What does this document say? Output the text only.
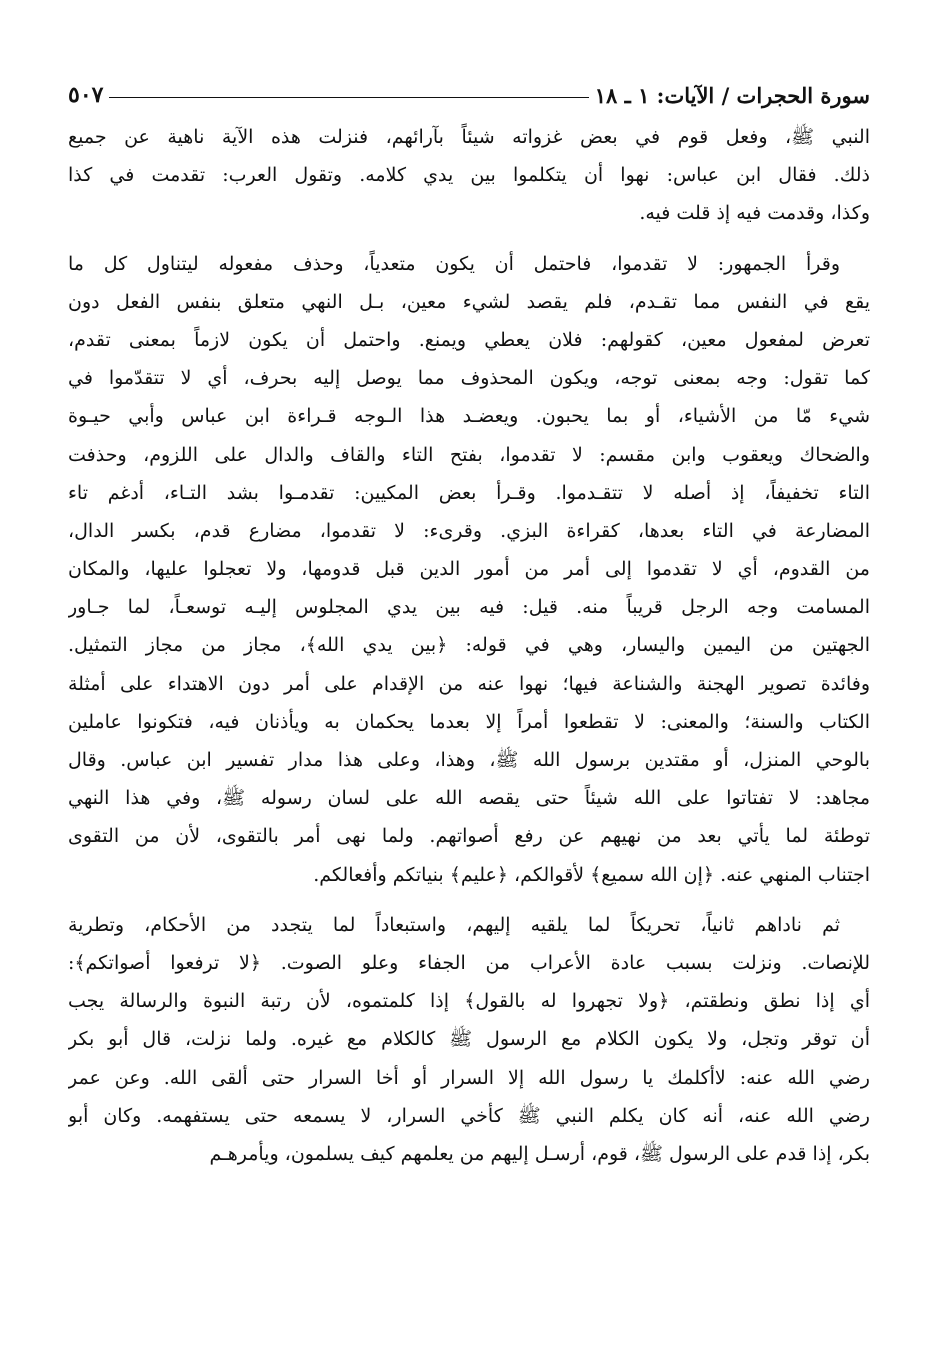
سورة الحجرات / الآيات: ١ ـ ١٨
٥٠٧
النبي ﷺ، وفعل قوم في بعض غزواته شيئاً بآرائهم، فنزلت هذه الآية ناهية عن جميع
ذلك. فقال ابن عباس: نهوا أن يتكلموا بين يدي كلامه. وتقول العرب: تقدمت في كذا
وكذا، وقدمت فيه إذ قلت فيه.
وقرأ الجمهور: لا تقدموا، فاحتمل أن يكون متعدياً، وحذف مفعوله ليتناول كل ما
يقع في النفس مما تقـدم، فلم يقصد لشيء معين، بـل النهي متعلق بنفس الفعل دون
تعرض لمفعول معين، كقولهم: فلان يعطي ويمنع. واحتمل أن يكون لازماً بمعنى تقدم،
كما تقول: وجه بمعنى توجه، ويكون المحذوف مما يوصل إليه بحرف، أي لا تتقدّموا في
شيء مّا من الأشياء، أو بما يحبون. ويعضـد هذا الـوجه قـراءة ابن عباس وأبي حيـوة
والضحاك ويعقوب وابن مقسم: لا تقدموا، بفتح التاء والقاف والدال على اللزوم، وحذفت
التاء تخفيفاً، إذ أصله لا تتقـدموا. وقـرأ بعض المكيين: تقدمـوا بشد التـاء، أدغم تاء
المضارعة في التاء بعدها، كقراءة البزي. وقرىء: لا تقدموا، مضارع قدم، بكسر الدال،
من القدوم، أي لا تقدموا إلى أمر من أمور الدين قبل قدومها، ولا تعجلوا عليها، والمكان
المسامت وجه الرجل قريباً منه. قيل: فيه بين يدي المجلوس إليـه توسعـاً، لما جـاور
الجهتين من اليمين واليسار، وهي في قوله: ﴿بين يدي الله﴾، مجاز من مجاز التمثيل.
وفائدة تصوير الهجنة والشناعة فيها؛ نهوا عنه من الإقدام على أمر دون الاهتداء على أمثلة
الكتاب والسنة؛ والمعنى: لا تقطعوا أمراً إلا بعدما يحكمان به ويأذنان فيه، فتكونوا عاملين
بالوحي المنزل، أو مقتدين برسول الله ﷺ، وهذا، وعلى هذا مدار تفسير ابن عباس. وقال
مجاهد: لا تفتاتوا على الله شيئاً حتى يقصه الله على لسان رسوله ﷺ، وفي هذا النهي
توطئة لما يأتي بعد من نهيهم عن رفع أصواتهم. ولما نهى أمر بالتقوى، لأن من التقوى
اجتناب المنهي عنه. ﴿إن الله سميع﴾ لأقوالكم، ﴿عليم﴾ بنياتكم وأفعالكم.
ثم ناداهم ثانياً، تحريكاً لما يلقيه إليهم، واستبعاداً لما يتجدد من الأحكام، وتطرية
للإنصات. ونزلت بسبب عادة الأعراب من الجفاء وعلو الصوت. ﴿لا ترفعوا أصواتكم﴾:
أي إذا نطق ونطقتم، ﴿ولا تجهروا له بالقول﴾ إذا كلمتموه، لأن رتبة النبوة والرسالة يجب
أن توقر وتجل، ولا يكون الكلام مع الرسول ﷺ كالكلام مع غيره. ولما نزلت، قال أبو بكر
رضي الله عنه: لاأكلمك يا رسول الله إلا السرار أو أخا السرار حتى ألقى الله. وعن عمر
رضي الله عنه، أنه كان يكلم النبي ﷺ كأخي السرار، لا يسمعه حتى يستفهمه. وكان أبو
بكر، إذا قدم على الرسول ﷺ، قوم، أرسـل إليهم من يعلمهم كيف يسلمون، ويأمرهـم
